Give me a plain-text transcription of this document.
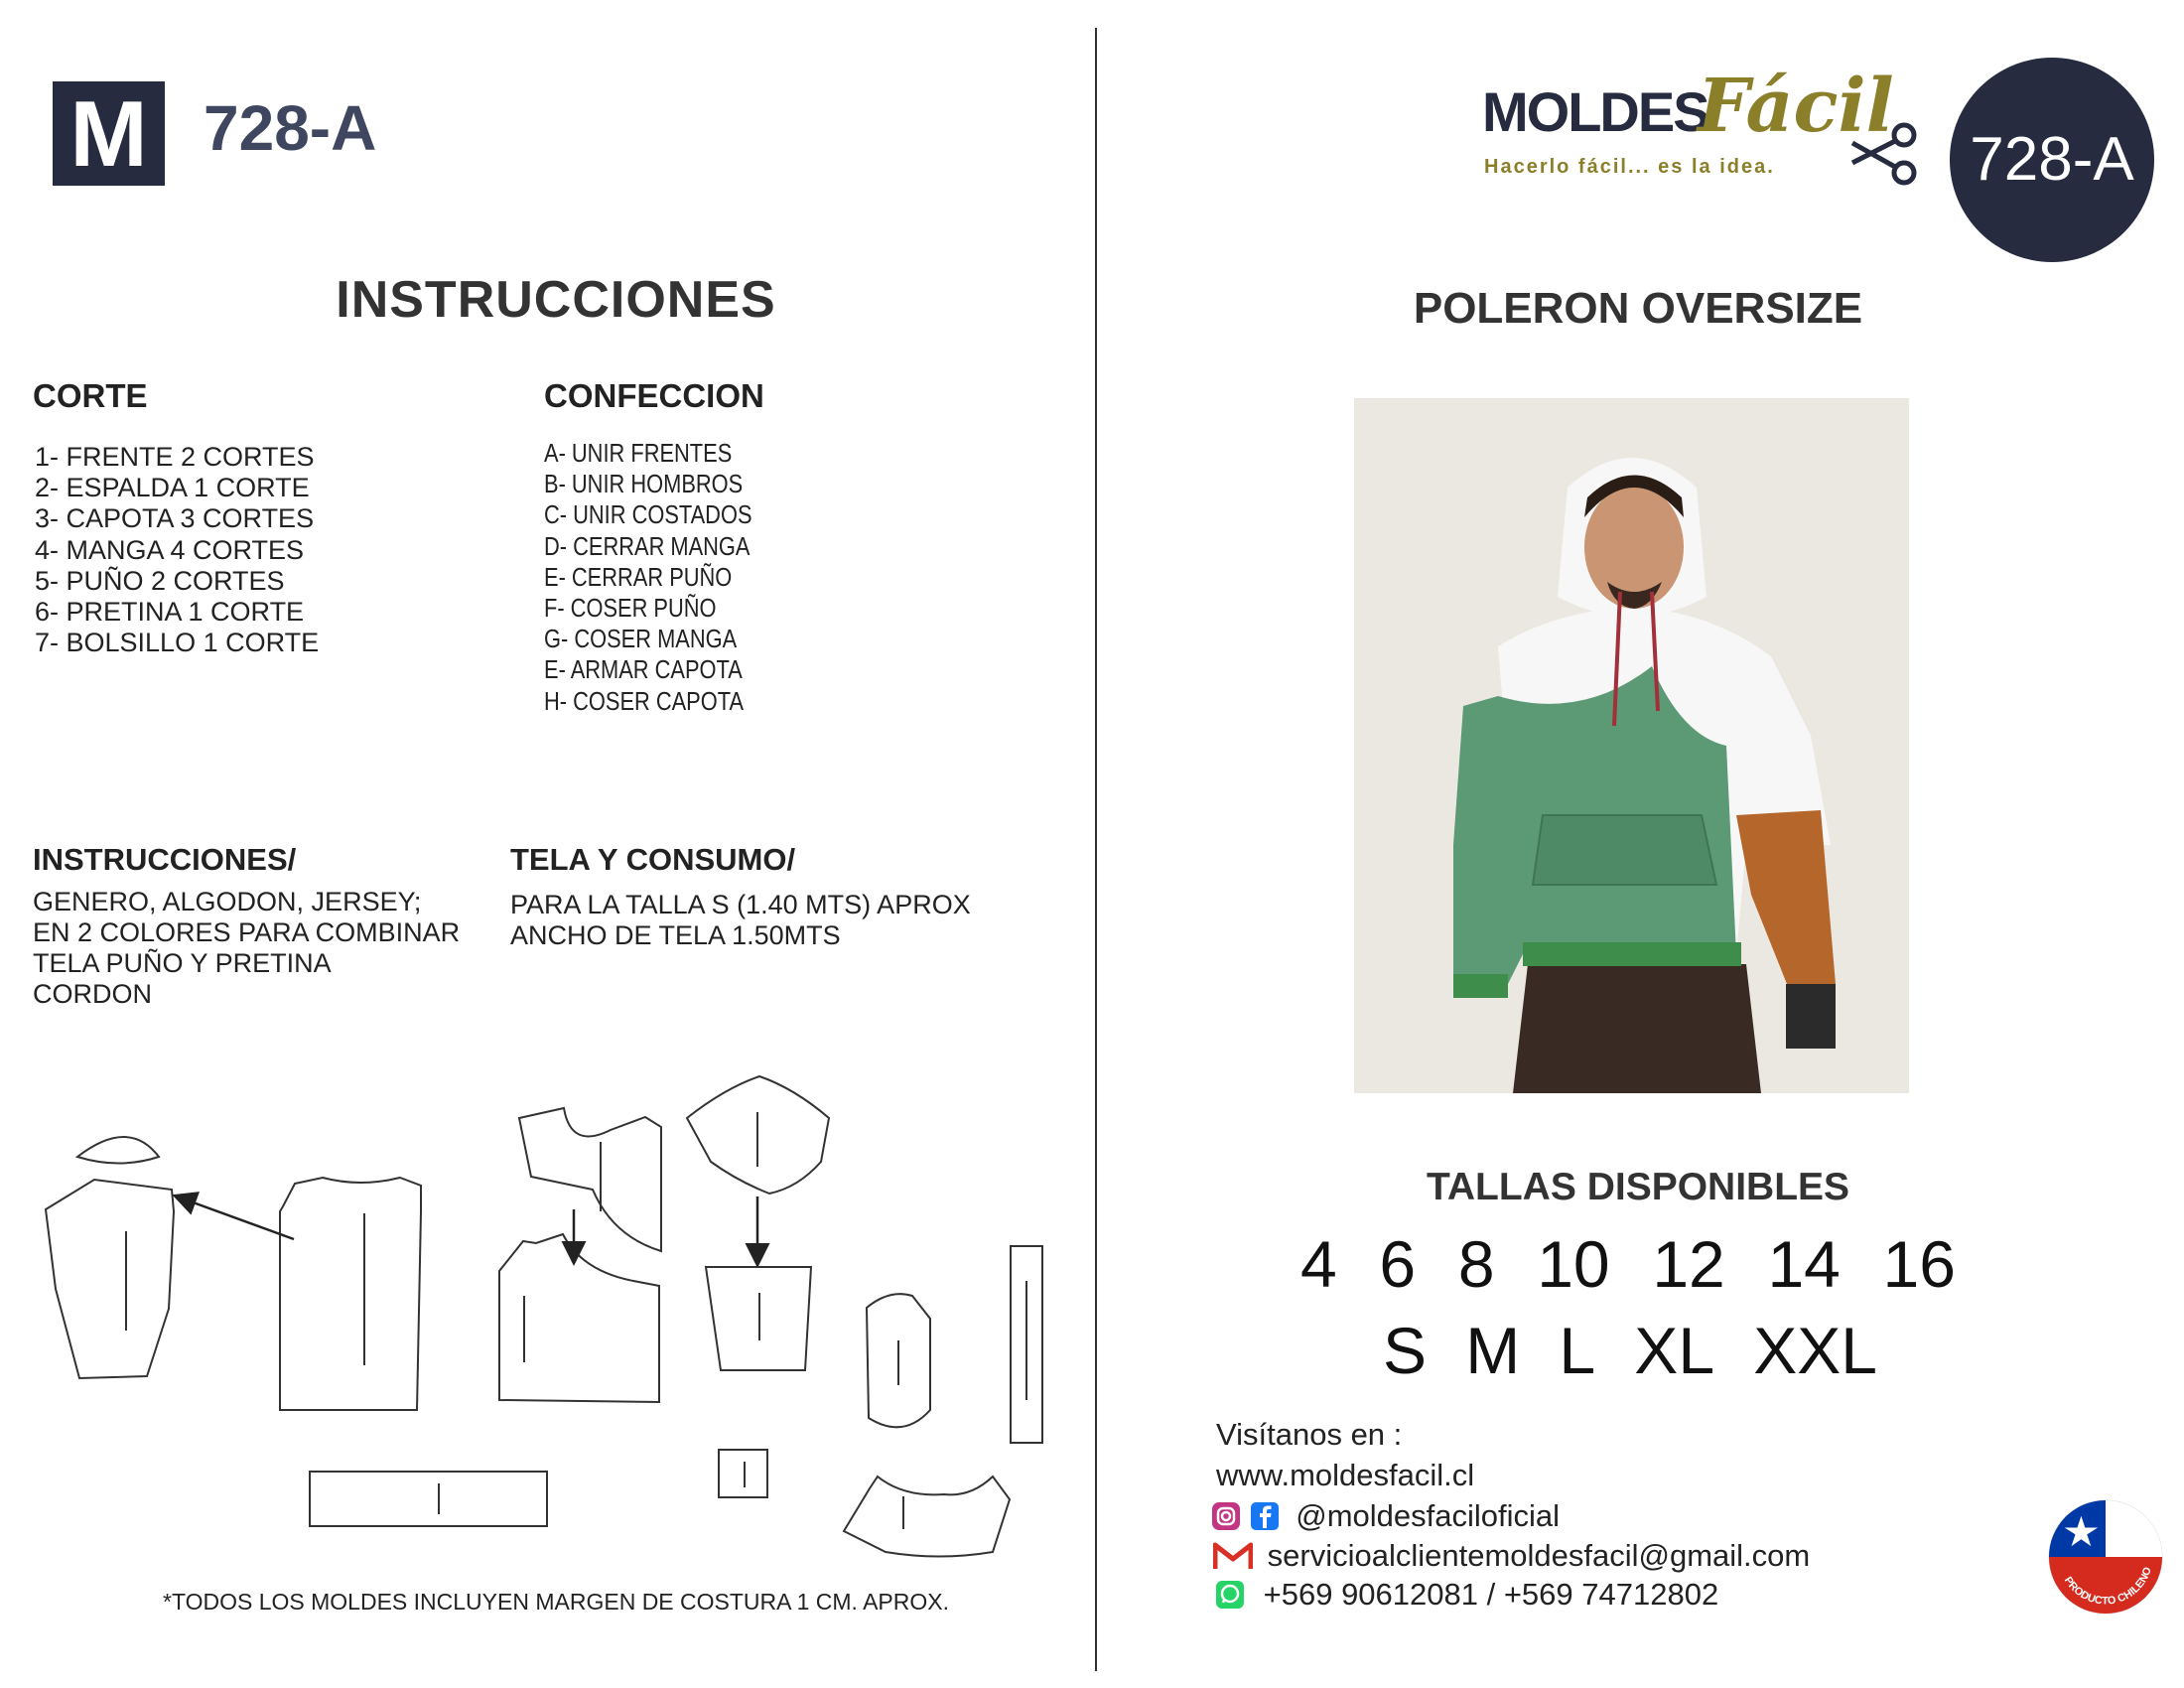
M 728-A
INSTRUCCIONES
CORTE
1- FRENTE 2 CORTES
2- ESPALDA 1 CORTE
3- CAPOTA 3 CORTES
4- MANGA 4 CORTES
5- PUÑO 2 CORTES
6- PRETINA 1 CORTE
7- BOLSILLO 1 CORTE
CONFECCION
A- UNIR FRENTES
B- UNIR HOMBROS
C- UNIR COSTADOS
D- CERRAR MANGA
E- CERRAR PUÑO
F- COSER PUÑO
G- COSER MANGA
E- ARMAR CAPOTA
H- COSER CAPOTA
INSTRUCCIONES/
GENERO, ALGODON, JERSEY;
EN 2 COLORES PARA COMBINAR
TELA PUÑO Y PRETINA
CORDON
TELA Y CONSUMO/
PARA LA TALLA S (1.40 MTS) APROX
ANCHO DE TELA 1.50MTS
*TODOS LOS MOLDES INCLUYEN MARGEN DE COSTURA 1 CM. APROX.
MOLDES
Fácil
Hacerlo fácil... es la idea.	728-A
POLERON OVERSIZE
TALLAS DISPONIBLES
4 6 8 10 12 14 16
S M L XL XXL
Visítanos en :
www.moldesfacil.cl
@moldesfaciloficial
servicioalclientemoldesfacil@gmail.com
+569 90612081 / +569 74712802	PRODUCTO CHILENO
